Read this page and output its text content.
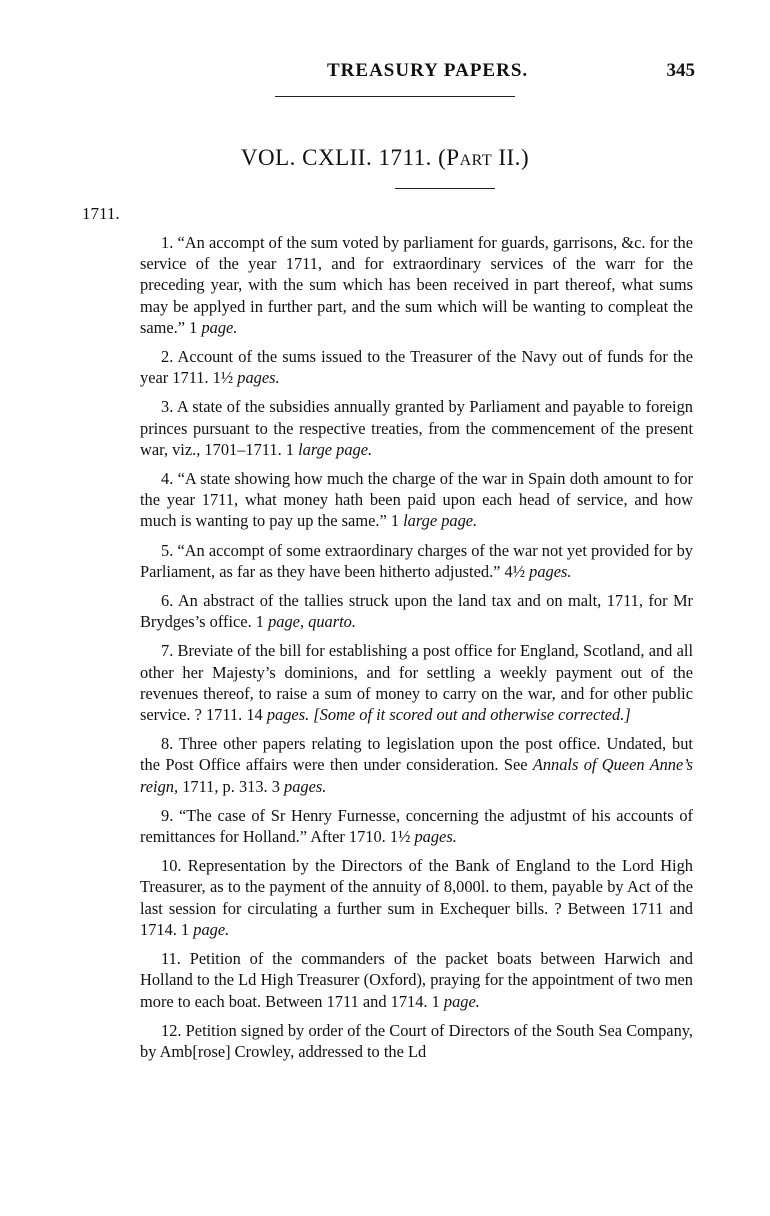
TREASURY PAPERS.	345
VOL. CXLII. 1711. (Part II.)
1711.

1. “An accompt of the sum voted by parliament for guards, garrisons, &c. for the service of the year 1711, and for extraordinary services of the warr for the preceding year, with the sum which has been received in part thereof, what sums may be applyed in further part, and the sum which will be wanting to compleat the same.” 1 page.

2. Account of the sums issued to the Treasurer of the Navy out of funds for the year 1711. 1½ pages.

3. A state of the subsidies annually granted by Parliament and payable to foreign princes pursuant to the respective treaties, from the commencement of the present war, viz., 1701–1711. 1 large page.

4. “A state showing how much the charge of the war in Spain doth amount to for the year 1711, what money hath been paid upon each head of service, and how much is wanting to pay up the same.” 1 large page.

5. “An accompt of some extraordinary charges of the war not yet provided for by Parliament, as far as they have been hitherto adjusted.” 4½ pages.

6. An abstract of the tallies struck upon the land tax and on malt, 1711, for Mr Brydges’s office. 1 page, quarto.

7. Breviate of the bill for establishing a post office for England, Scotland, and all other her Majesty’s dominions, and for settling a weekly payment out of the revenues thereof, to raise a sum of money to carry on the war, and for other public service. ? 1711. 14 pages. [Some of it scored out and otherwise corrected.]

8. Three other papers relating to legislation upon the post office. Undated, but the Post Office affairs were then under consideration. See Annals of Queen Anne’s reign, 1711, p. 313. 3 pages.

9. “The case of Sr Henry Furnesse, concerning the adjustmt of his accounts of remittances for Holland.” After 1710. 1½ pages.

10. Representation by the Directors of the Bank of England to the Lord High Treasurer, as to the payment of the annuity of 8,000l. to them, payable by Act of the last session for circulating a further sum in Exchequer bills. ? Between 1711 and 1714. 1 page.

11. Petition of the commanders of the packet boats between Harwich and Holland to the Ld High Treasurer (Oxford), praying for the appointment of two men more to each boat. Between 1711 and 1714. 1 page.

12. Petition signed by order of the Court of Directors of the South Sea Company, by Amb[rose] Crowley, addressed to the Ld
